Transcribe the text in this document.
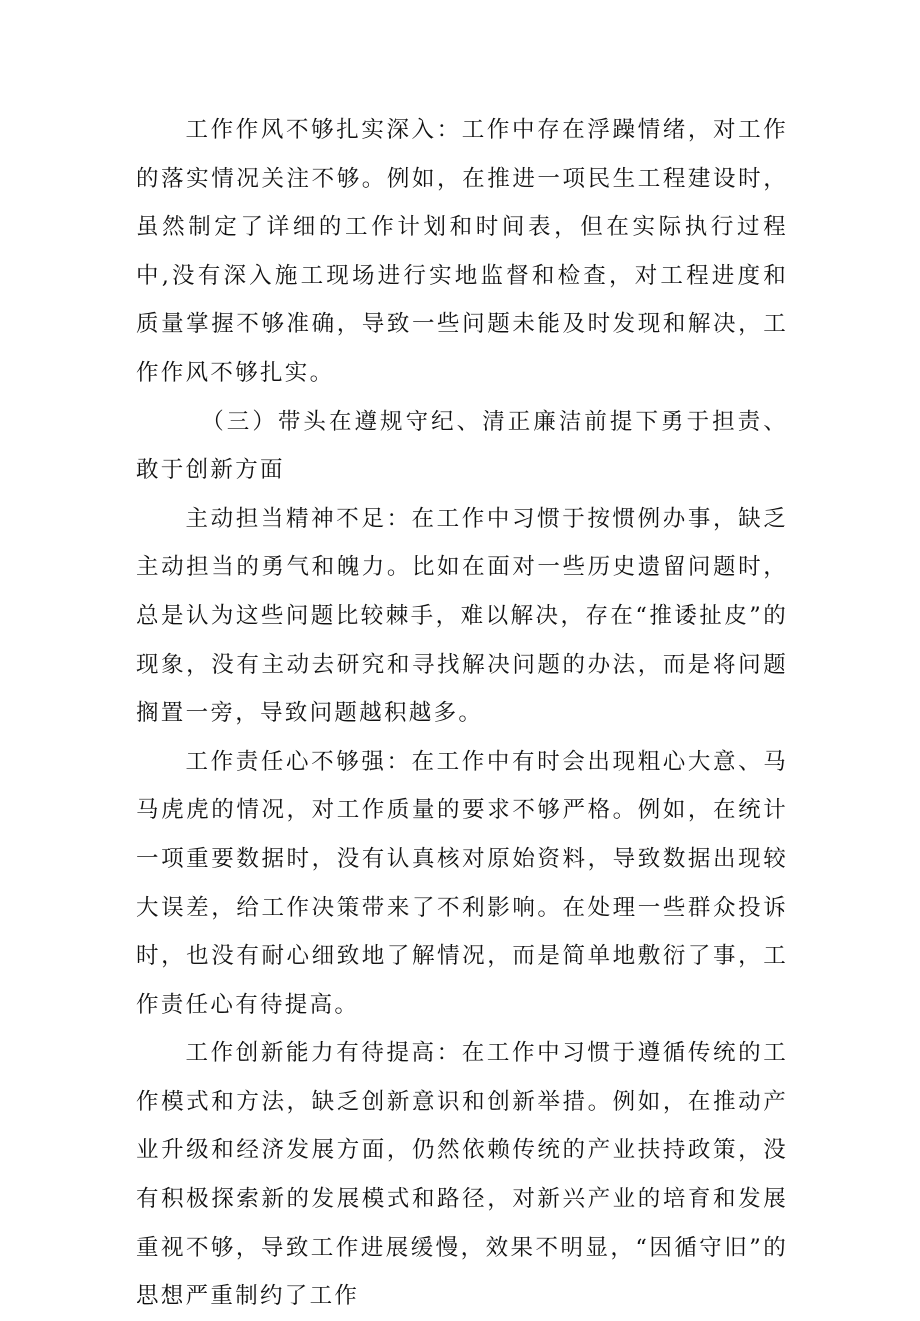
工作作风不够扎实深入：工作中存在浮躁情绪，对工作的落实情况关注不够。例如，在推进一项民生工程建设时，虽然制定了详细的工作计划和时间表，但在实际执行过程中,没有深入施工现场进行实地监督和检查，对工程进度和质量掌握不够准确，导致一些问题未能及时发现和解决，工作作风不够扎实。

（三）带头在遵规守纪、清正廉洁前提下勇于担责、敢于创新方面

主动担当精神不足：在工作中习惯于按惯例办事，缺乏主动担当的勇气和魄力。比如在面对一些历史遗留问题时，总是认为这些问题比较棘手，难以解决，存在“推诿扯皮”的现象，没有主动去研究和寻找解决问题的办法，而是将问题搁置一旁，导致问题越积越多。

工作责任心不够强：在工作中有时会出现粗心大意、马马虎虎的情况，对工作质量的要求不够严格。例如，在统计一项重要数据时，没有认真核对原始资料，导致数据出现较大误差，给工作决策带来了不利影响。在处理一些群众投诉时，也没有耐心细致地了解情况，而是简单地敷衍了事，工作责任心有待提高。

工作创新能力有待提高：在工作中习惯于遵循传统的工作模式和方法，缺乏创新意识和创新举措。例如，在推动产业升级和经济发展方面，仍然依赖传统的产业扶持政策，没有积极探索新的发展模式和路径，对新兴产业的培育和发展重视不够，导致工作进展缓慢，效果不明显，“因循守旧”的思想严重制约了工作
